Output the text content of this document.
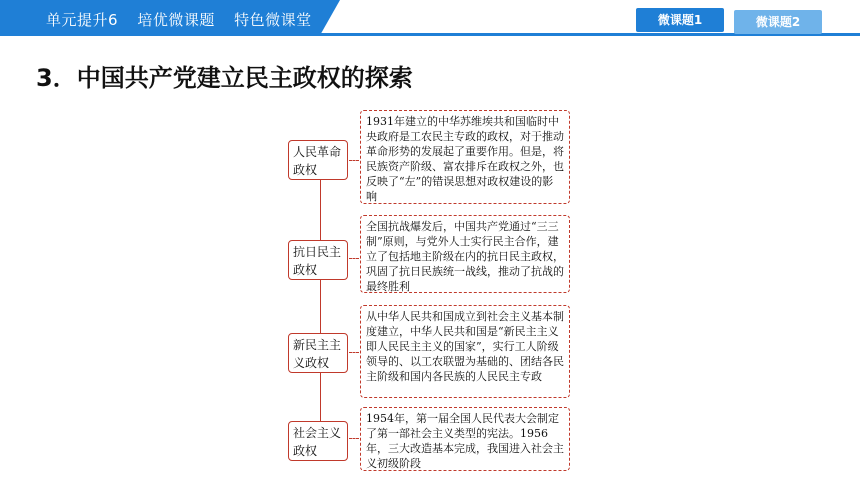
单元提升6 培优微课题 特色微课堂	微课题1	微课题2
3．中国共产党建立民主政权的探索
人民革命政权
1931年建立的中华苏维埃共和国临时中央政府是工农民主专政的政权，对于推动革命形势的发展起了重要作用。但是，将民族资产阶级、富农排斥在政权之外，也反映了“左”的错误思想对政权建设的影响
抗日民主政权
全国抗战爆发后，中国共产党通过“三三制”原则，与党外人士实行民主合作，建立了包括地主阶级在内的抗日民主政权，巩固了抗日民族统一战线，推动了抗战的最终胜利
新民主主义政权
从中华人民共和国成立到社会主义基本制度建立，中华人民共和国是“新民主主义即人民民主主义的国家”，实行工人阶级领导的、以工农联盟为基础的、团结各民主阶级和国内各民族的人民民主专政
社会主义政权
1954年，第一届全国人民代表大会制定了第一部社会主义类型的宪法。1956年，三大改造基本完成，我国进入社会主义初级阶段
